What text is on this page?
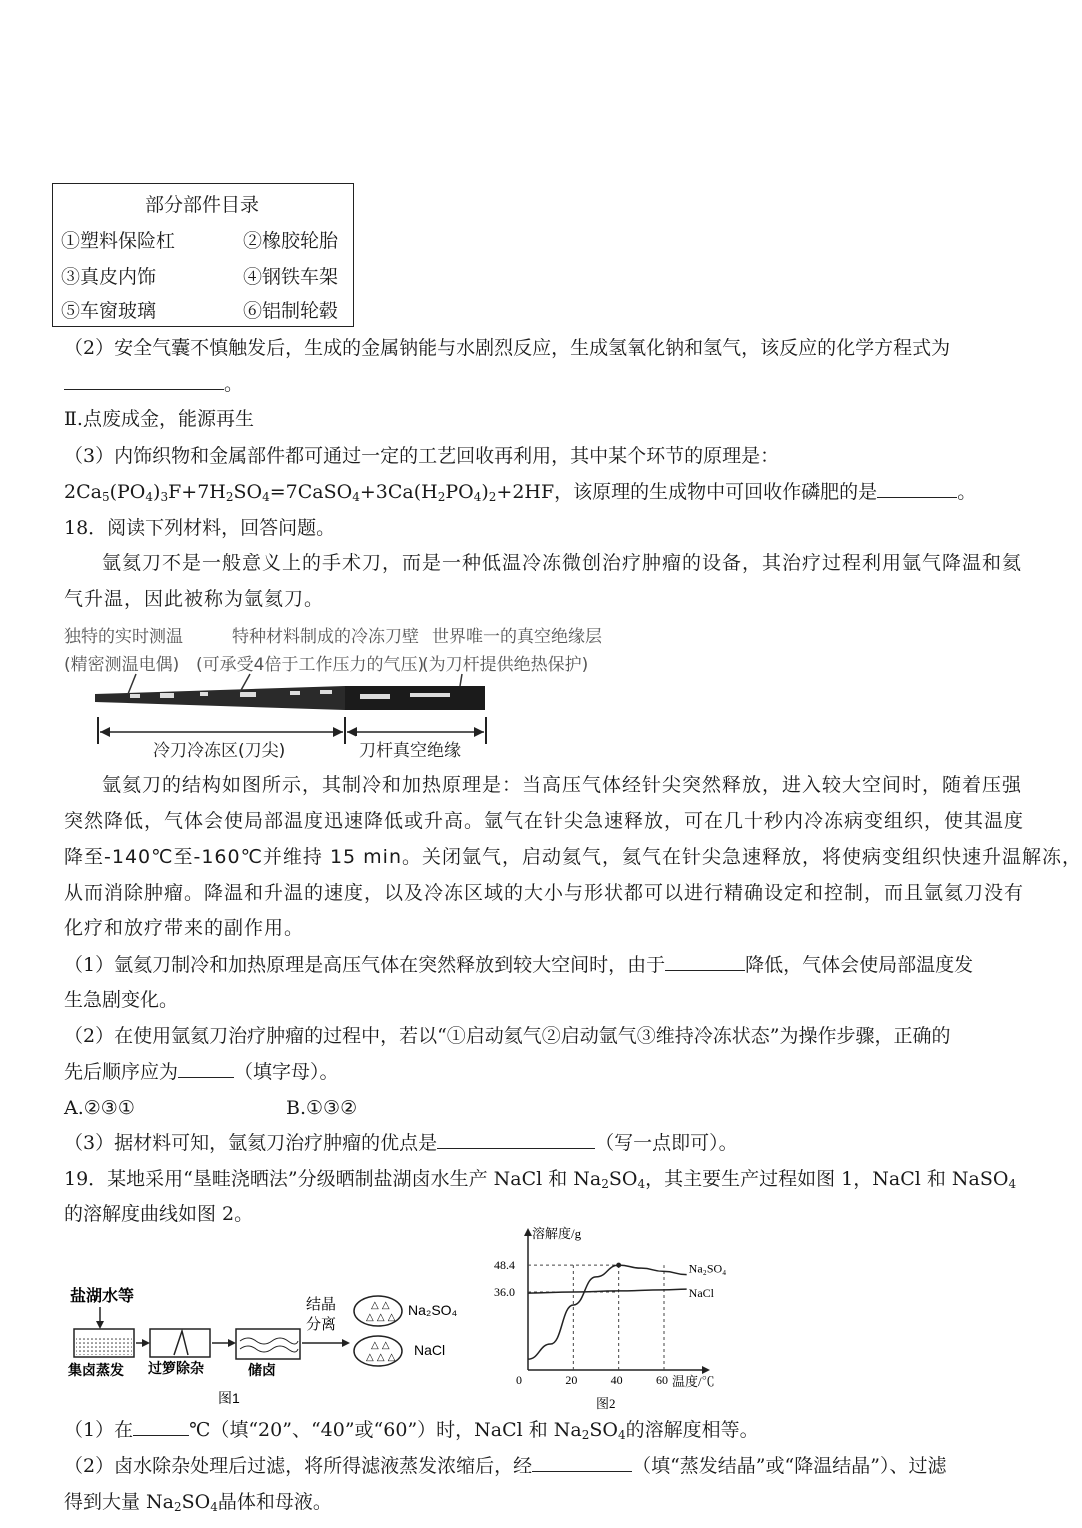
部分部件目录
①塑料保险杠	②橡胶轮胎
③真皮内饰	④钢铁车架
⑤车窗玻璃	⑥铝制轮毂
（2）安全气囊不慎触发后，生成的金属钠能与水剧烈反应，生成氢氧化钠和氢气，该反应的化学方程式为
。
Ⅱ.点废成金，能源再生
（3）内饰织物和金属部件都可通过一定的工艺回收再利用，其中某个环节的原理是：
$2Ca_5(PO_4)_3F+7H_2SO_4=7CaSO_4+3Ca(H_2PO_4)_2+2HF$，该原理的生成物中可回收作磷肥的是	。
18．阅读下列材料，回答问题。
氩氦刀不是一般意义上的手术刀，而是一种低温冷冻微创治疗肿瘤的设备，其治疗过程利用氩气降温和氦
气升温，因此被称为氩氦刀。
独特的实时测温	特种材料制成的冷冻刀壁 世界唯一的真空绝缘层
(精密测温电偶) (可承受4倍于工作压力的气压)
(为刀杆提供绝热保护)
冷刀冷冻区(刀尖)	刀杆真空绝缘
氩氦刀的结构如图所示，其制冷和加热原理是：当高压气体经针尖突然释放，进入较大空间时，随着压强
突然降低，气体会使局部温度迅速降低或升高。氩气在针尖急速释放，可在几十秒内冷冻病变组织，使其温度
降至-140℃至-160℃并维持 15 min。关闭氩气，启动氦气，氦气在针尖急速释放，将使病变组织快速升温解冻，
从而消除肿瘤。降温和升温的速度，以及冷冻区域的大小与形状都可以进行精确设定和控制，而且氩氦刀没有
化疗和放疗带来的副作用。
（1）氩氦刀制冷和加热原理是高压气体在突然释放到较大空间时，由于	降低，气体会使局部温度发
生急剧变化。
（2）在使用氩氦刀治疗肿瘤的过程中，若以“①启动氦气②启动氩气③维持冷冻状态”为操作步骤，正确的
先后顺序应为	（填字母）。
A.②③①	B.①③②
（3）据材料可知，氩氦刀治疗肿瘤的优点是	（写一点即可）。
19．某地采用“垦畦浇晒法”分级晒制盐湖卤水生产 NaCl 和 $Na_2SO_4$，其主要生产过程如图 1，NaCl 和 NaSO$_4$
的溶解度曲线如图 2。
盐湖水等	结晶
分离
△ △
△ △ △ Na₂SO₄
△ △
△ △ △ NaCl
集卤蒸发 过箩除杂	储卤
图1
溶解度/g
温度/℃
图2
0	20	40	60
36.0
48.4	Na₂SO₄
NaCl
（1）在	℃（填“20”、“40”或“60”）时，NaCl 和 $Na_2SO_4$的溶解度相等。
（2）卤水除杂处理后过滤，将所得滤液蒸发浓缩后，经	（填“蒸发结晶”或“降温结晶”）、过滤
得到大量 $Na_2SO_4$晶体和母液。
